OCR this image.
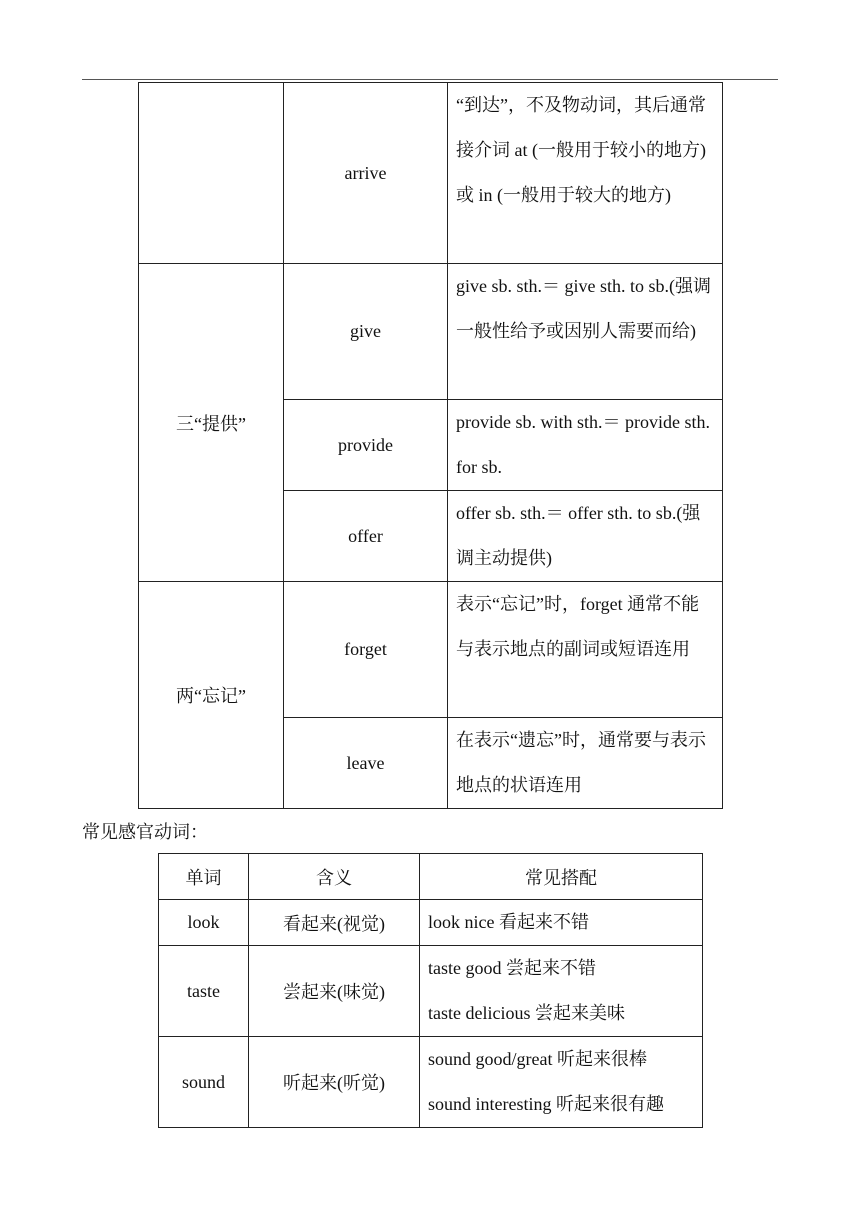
	arrive	“到达”，不及物动词，其后通常接介词 at (一般用于较小的地方)或 in (一般用于较大的地方)
三“提供”	give	give sb. sth.＝ give sth. to sb.(强调一般性给予或因别人需要而给)
	provide	provide sb. with sth.＝ provide sth. for sb.
	offer	offer sb. sth.＝ offer sth. to sb.(强调主动提供)
两“忘记”	forget	表示“忘记”时，forget 通常不能与表示地点的副词或短语连用
	leave	在表示“遗忘”时，通常要与表示地点的状语连用
常见感官动词：
单词	含义	常见搭配
look	看起来(视觉)	look nice 看起来不错

taste	尝起来(味觉)	taste good 尝起来不错
taste delicious 尝起来美味

sound	听起来(听觉)	sound good/great 听起来很棒
sound interesting 听起来很有趣
